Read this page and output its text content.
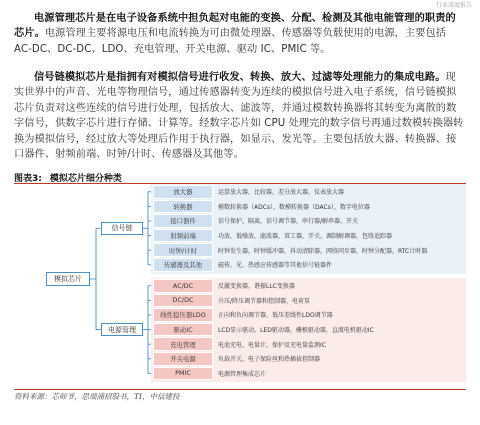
行业深度报告
电源管理芯片是在电子设备系统中担负起对电能的变换、分配、检测及其他电能管理的职责的芯片。电源管理主要将源电压和电流转换为可由微处理器、传感器等负载使用的电源，主要包括 AC-DC、DC-DC、LDO、充电管理、开关电源、驱动 IC、PMIC 等。
信号链模拟芯片是指拥有对模拟信号进行收发、转换、放大、过滤等处理能力的集成电路。现实世界中的声音、光电等物理信号，通过传感器转变为连续的模拟信号进入电子系统，信号链模拟芯片负责对这些连续的信号进行处理，包括放大、滤波等，并通过模数转换器将其转变为离散的数字信号，供数字芯片进行存储、计算等。经数字芯片如 CPU 处理完的数字信号再通过数模转换器转换为模拟信号，经过放大等处理后作用于执行器，如显示、发光等。主要包括放大器、转换器、接口器件、射频前端、时钟/计时、传感器及其他等。
图表3: 模拟芯片细分种类
放大器	运算放大器，比较器，差分放大器，仪表放大器
转换器	模数转换器（ADCs），数模转换器（DACs），数字电位器
接口器件	信号保护，隔离，信号调节器，串行器/解串器，开关
射频前端	功放，低噪放，滤波器，双工器，开关，调制解调器，包络追踪器
时钟/计时	时钟发生器，时钟缓冲器，抖动清除器，网络同步器，时钟分配器，RTC计时器
传感器及其他	磁传、光、热感应传感器等其他信号链器件
信号链
AC/DC	反激变换器，谐振LLC变换器
DC/DC	升压/降压调节器和控制器，电荷泵
线性稳压器LDO	正向和负向调节器，低压差线性LDO调节器
驱动IC	LCD显示驱动，LED驱动器，栅极驱动器，直流电机驱动IC
充电管理	电池充电，电量计，保护及充电量监测IC
开关电源	负载开关，电子保险丝和热插拔控制器
PMIC	电源管理集成芯片
电源管理
模拟芯片
资料来源：芯师爷，思瑞浦招股书，TI，中信建投
